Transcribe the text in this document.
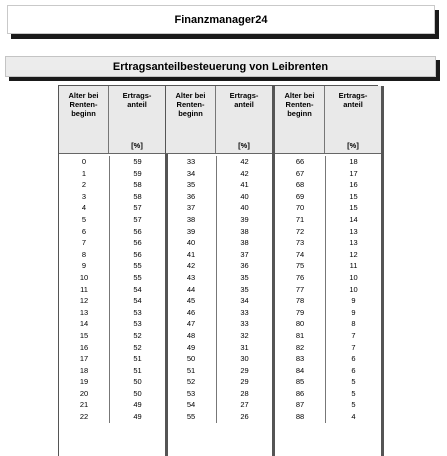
Finanzmanager24
Ertragsanteilbesteuerung von Leibrenten
Alter bei
Renten-
beginn
Ertrags-
anteil
[%]
0	59
1	59
2	58
3	58
4	57
5	57
6	56
7	56
8	56
9	55
10	55
11	54
12	54
13	53
14	53
15	52
16	52
17	51
18	51
19	50
20	50
21	49
22	49
Alter bei
Renten-
beginn
Ertrags-
anteil
[%]
33	42
34	42
35	41
36	40
37	40
38	39
39	38
40	38
41	37
42	36
43	35
44	35
45	34
46	33
47	33
48	32
49	31
50	30
51	29
52	29
53	28
54	27
55	26
Alter bei
Renten-
beginn
Ertrags-
anteil
[%]
66	18
67	17
68	16
69	15
70	15
71	14
72	13
73	13
74	12
75	11
76	10
77	10
78	9
79	9
80	8
81	7
82	7
83	6
84	6
85	5
86	5
87	5
88	4
